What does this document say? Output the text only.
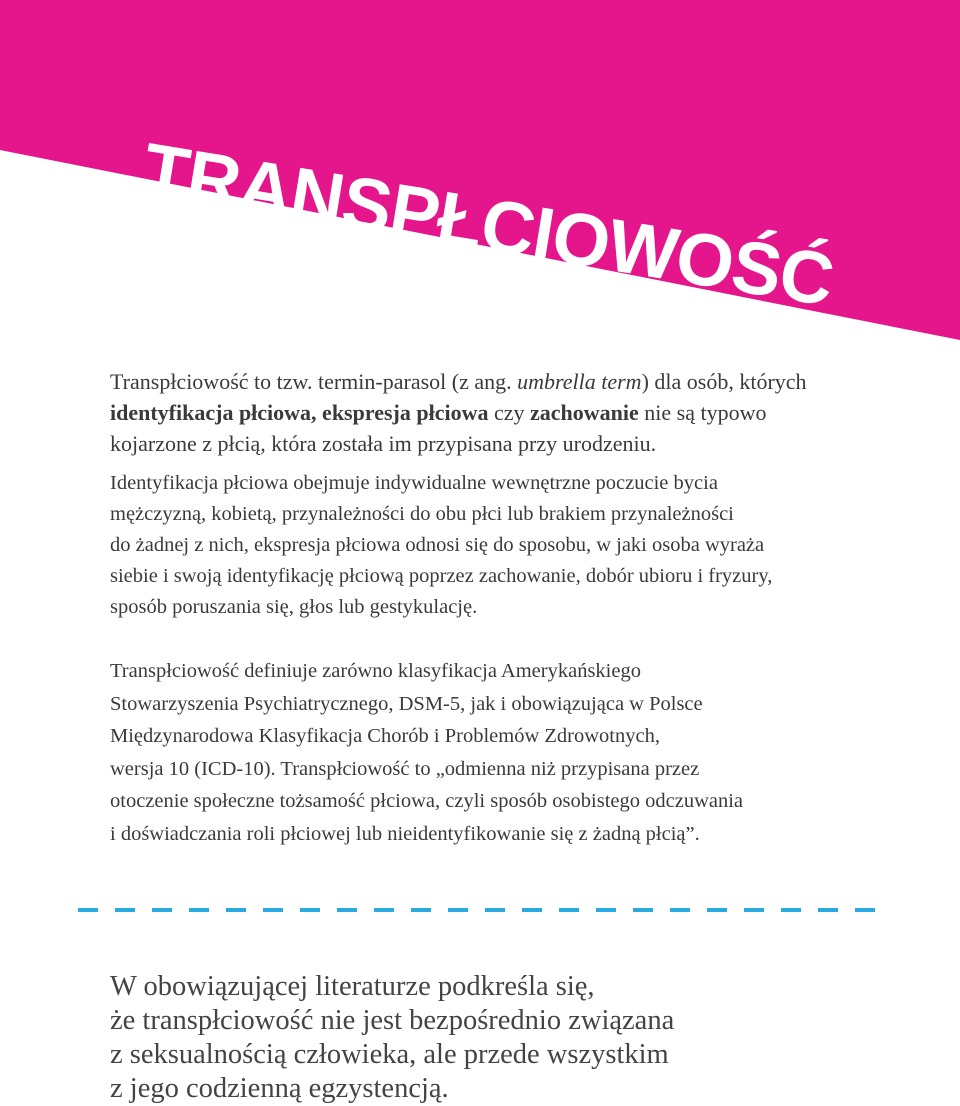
TRANSPŁCIOWOŚĆ

Transpłciowość to tzw. termin-parasol (z ang. umbrella term) dla osób, których
identyfikacja płciowa, ekspresja płciowa czy zachowanie nie są typowo
kojarzone z płcią, która została im przypisana przy urodzeniu.

Identyfikacja płciowa obejmuje indywidualne wewnętrzne poczucie bycia
mężczyzną, kobietą, przynależności do obu płci lub brakiem przynależności
do żadnej z nich, ekspresja płciowa odnosi się do sposobu, w jaki osoba wyraża
siebie i swoją identyfikację płciową poprzez zachowanie, dobór ubioru i fryzury,
sposób poruszania się, głos lub gestykulację.

Transpłciowość definiuje zarówno klasyfikacja Amerykańskiego
Stowarzyszenia Psychiatrycznego, DSM-5, jak i obowiązująca w Polsce
Międzynarodowa Klasyfikacja Chorób i Problemów Zdrowotnych,
wersja 10 (ICD-10). Transpłciowość to „odmienna niż przypisana przez
otoczenie społeczne tożsamość płciowa, czyli sposób osobistego odczuwania
i doświadczania roli płciowej lub nieidentyfikowanie się z żadną płcią”.

W obowiązującej literaturze podkreśla się,
że transpłciowość nie jest bezpośrednio związana
z seksualnością człowieka, ale przede wszystkim
z jego codzienną egzystencją.
